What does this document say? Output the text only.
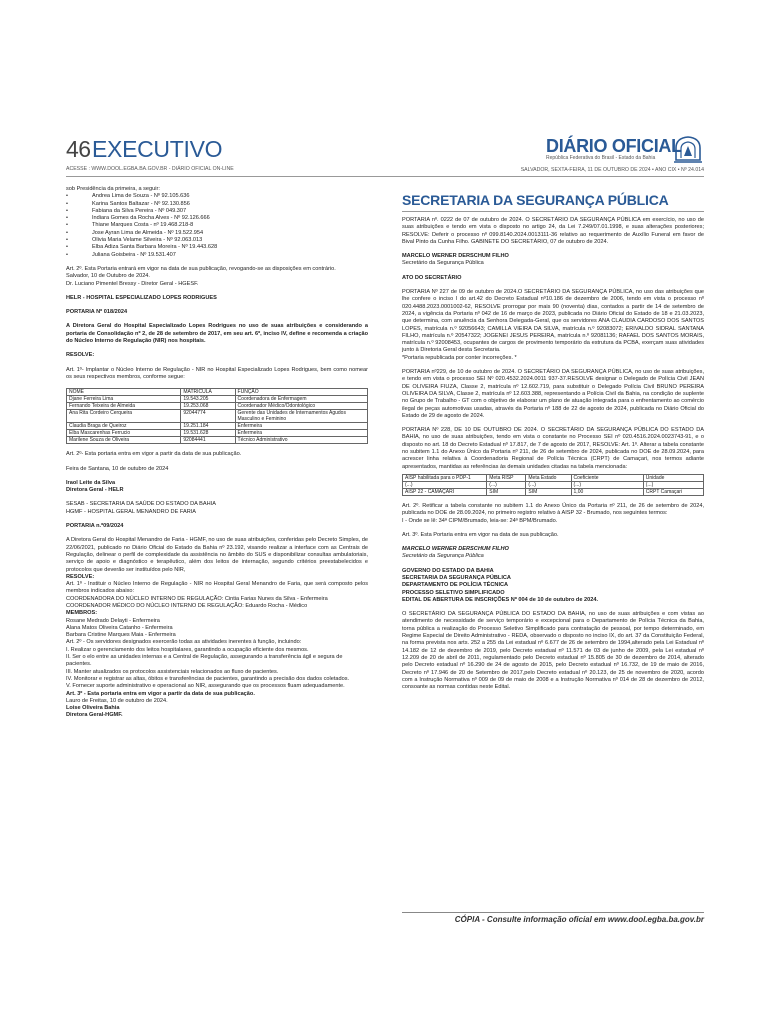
46 EXECUTIVO
ACESSE : WWW.DOOL.EGBA.BA.GOV.BR - DIÁRIO OFICIAL ON-LINE
DIÁRIO OFICIAL
República Federativa do Brasil - Estado da Bahia
SALVADOR, SEXTA-FEIRA, 11 DE OUTUBRO DE 2024 • ANO CIX • Nº 24.014

sob Presidência da primeira, a seguir:

• Andrea Lima de Souza - Nº 92.105.636
• Karina Santos Baltazar - Nº 92.130.856
• Fabiana da Silva Pereira - Nº 049.307
• Indiara Gomes da Rocha Alves - Nº 92.126.666
• Thiane Marques Costa - nº 19.468.218-8
• Jose Ayran Lima de Almeida - Nº 19.522.954
• Olivia Maria Velame Silveira - Nº 92.063.013
• Elba Adiza Santa Barbara Moreira - Nº 19.443.628
• Juliana Goisbeira - Nº 19.531.407

Art. 2º. Esta Portaria entrará em vigor na data de sua publicação, revogando-se as disposições em contrário.

Salvador, 10 de Outubro de 2024.

Dr. Luciano Pimentel Bressy - Diretor Geral - HGESF.

HELR - HOSPITAL ESPECIALIZADO LOPES RODRIGUES

PORTARIA Nº 018/2024

A Diretora Geral do Hospital Especializado Lopes Rodrigues no uso de suas atribuições e considerando a portaria de Consolidação nº 2, de 28 de setembro de 2017, em seu art. 6º, inciso IV, define e recomenda a criação do Núcleo Interno de Regulação (NIR) nos hospitais.

RESOLVE:

Art. 1º- Implantar o Núcleo Interno de Regulação - NIR no Hospital Especializado Lopes Rodrigues, bem como nomear os seus respectivos membros, conforme segue:

NOME	MATRICULA	FUNÇÃO
Djane Ferreira Lima	19.543.205	Coordenadora de Enfermagem
Fernando Teixeira de Almeida	19.253.068	Coordenador Médico/Odontológico
Ana Rita Cordeiro Cerqueira	92044774	Gerente das Unidades de Internamentos Agudos Masculino e Feminino
Claudia Braga de Queiroz	19.251.184	Enfermeira
Elba Mascarenhas Ferrucio	19.531.628	Enfermeira
Marilene Souza de Oliveira	92084441	Técnico Administrativo

Art. 2º- Esta portaria entra em vigor a partir da data de sua publicação.

Feira de Santana, 10 de outubro de 2024

Iraol Leite da Silva

Diretora Geral - HELR

SESAB - SECRETARIA DA SAÚDE DO ESTADO DA BAHIA

HGMF - HOSPITAL GERAL MENANDRO DE FARIA

PORTARIA n.º09/2024

A Diretora Geral do Hospital Menandro de Faria - HGMF, no uso de suas atribuições, conferidas pelo Decreto Simples, de 22/06/2021, publicado no Diário Oficial do Estado da Bahia nº 23.192, visando realizar a interface com as Centrais de Regulação, delinear o perfil de complexidade da assistência no âmbito do SUS e disponibilizar consultas ambulatoriais, serviço de apoio e diagnóstico e terapêutico, além dos leitos de internação, segundo critérios preestabelecidos e protocolos que deverão ser instituídos pelo NIR,

RESOLVE:

Art. 1º - Instituir o Núcleo Interno de Regulação - NIR no Hospital Geral Menandro de Faria, que será composto pelos membros indicados abaixo:

COORDENADORA DO NÚCLEO INTERNO DE REGULAÇÃO: Cintia Farias Nunes da Silva - Enfermeira

COORDENADOR MÉDICO DO NÚCLEO INTERNO DE REGULAÇÃO: Eduardo Rocha - Médico

MEMBROS:

Rosane Medrado Delayti - Enfermeira

Alana Matos Oliveira Catanho - Enfermeira

Barbara Cristine Marques Maia - Enfermeira

Art. 2º - Os servidores designados exercerão todas as atividades inerentes à função, incluindo:

I. Realizar o gerenciamento dos leitos hospitalares, garantindo a ocupação eficiente dos mesmos.

II. Ser o elo entre as unidades internas e a Central de Regulação, assegurando a transferência ágil e segura de pacientes.

III. Manter atualizados os protocolos assistenciais relacionados ao fluxo de pacientes.

IV. Monitorar e registrar as altas, óbitos e transferências de pacientes, garantindo a precisão dos dados coletados.

V. Fornecer suporte administrativo e operacional ao NIR, assegurando que os processos fluam adequadamente.

Art. 3º - Esta portaria entra em vigor a partir da data de sua publicação.

Lauro de Freitas, 10 de outubro de 2024.

Loise Oliveira Bahia

Diretora Geral-HGMF.

SECRETARIA DA SEGURANÇA PÚBLICA

PORTARIA nº. 0222 de 07 de outubro de 2024. O SECRETÁRIO DA SEGURANÇA PÚBLICA em exercício, no uso de suas atribuições e tendo em vista o disposto no artigo 24, da Lei 7.249/07.01.1998, e suas alterações posteriores; RESOLVE: Deferir o processo nº 099.8140.2024.0013111-36 relativo ao requerimento de Auxílio Funeral em favor de Bival Pinto da Cunha Filho. GABINETE DO SECRETÁRIO, 07 de outubro de 2024.

MARCELO WERNER DERSCHUM FILHO

Secretário da Segurança Pública

ATO DO SECRETÁRIO

PORTARIA Nº 227 de 09 de outubro de 2024.O SECRETÁRIO DA SEGURANÇA PÚBLICA, no uso das atribuições que lhe confere o inciso I do art.42 do Decreto Estadual nº10.186 de dezembro de 2006, tendo em vista o processo nº 020.4488.2023.0001002-62, RESOLVE prorrogar por mais 90 (noventa) dias, contados a partir de 14 de setembro de 2024, a vigência da Portaria nº 042 de 16 de março de 2023, publicada no Diário Oficial do Estado de 18 e 21.03.2023, que determina, com anuência da Senhora Delegada-Geral, que os servidores ANA CLAUDIA CARDOSO DOS SANTOS LOPES, matrícula n.º 92056643; CAMILLA VIEIRA DA SILVA, matrícula n.º 92083072; ERIVALDO SIDRAL SANTANA FILHO, matrícula n.º 20547322; JOGENEI JESUS PEREIRA, matrícula n.º 92081136; RAFAEL DOS SANTOS MORAIS, matrícula n.º 92008453, ocupantes de cargos de provimento temporário da estrutura da PCBA, exerçam suas atividades junto à Diretoria Geral desta Secretaria.

*Portaria republicada por conter incorreções. *

PORTARIA nº229, de 10 de outubro de 2024. O SECRETÁRIO DA SEGURANÇA PÚBLICA, no uso de suas atribuições, e tendo em vista o processo SEI Nº 020.4532.2024.0011 937-37.RESOLVE designar o Delegado de Polícia Civil JEAN DE OLIVEIRA FIUZA, Classe 2, matrícula nº 12.602.719, para substituir o Delegado Polícia Civil BRUNO PEREIRA OLIVEIRA DA SILVA, Classe 2, matrícula nº 12.603.388, representando a Polícia Civil da Bahia, na condição de suplente no Grupo de Trabalho - GT com o objetivo de elaborar um plano de atuação integrada para o enfrentamento ao comércio ilegal de peças automotivas usadas, através da Portaria nº 188 de 22 de agosto de 2024, publicada no Diário Oficial do Estado de 29 de agosto de 2024.

PORTARIA Nº 228, DE 10 DE OUTUBRO DE 2024. O SECRETÁRIO DA SEGURANÇA PÚBLICA DO ESTADO DA BAHIA, no uso de suas atribuições, tendo em vista o constante no Processo SEI nº 020.4516.2024.0023743-91, e o disposto no art. 18 do Decreto Estadual nº 17.817, de 7 de agosto de 2017, RESOLVE: Art. 1º. Alterar a tabela constante no subitem 1.1 do Anexo Único da Portaria nº 211, de 26 de setembro de 2024, publicada no DOE de 28.09.2024, para acrescer linha relativa à Coordenadoria Regional de Polícia Técnica (CRPT) de Camaçari, nos termos adiante apresentados, mantidas as referências às demais unidades citadas na tabela mencionada:

AISP habilitada para o PDP-1	Meta RISP	Meta Estado	Coeficiente	Unidade
(...)	(...)	(...)	(...)	(...)
AISP 22 - CAMAÇARI	SIM	SIM	1,00	CRPT Camaçari

Art. 2º. Retificar a tabela constante no subitem 1.1 do Anexo Único da Portaria nº 211, de 26 de setembro de 2024, publicada no DOE de 28.09.2024, no primeiro registro relativo à AISP 32 - Brumado, nos seguintes termos:

I - Onde se lê: 34ª CIPM/Brumado, leia-se: 24ª BPM/Brumado.

Art. 3º. Esta Portaria entra em vigor na data de sua publicação.

MARCELO WERNER DERSCHUM FILHO

Secretário da Segurança Pública

GOVERNO DO ESTADO DA BAHIA

SECRETARIA DA SEGURANÇA PÚBLICA

DEPARTAMENTO DE POLÍCIA TÉCNICA

PROCESSO SELETIVO SIMPLIFICADO

EDITAL DE ABERTURA DE INSCRIÇÕES Nº 004 de 10 de outubro de 2024.

O SECRETÁRIO DA SEGURANÇA PÚBLICA DO ESTADO DA BAHIA, no uso de suas atribuições e com vistas ao atendimento de necessidade de serviço temporário e excepcional para o Departamento de Polícia Técnica da Bahia, torna pública a realização do Processo Seletivo Simplificado para contratação de pessoal, por tempo determinado, em Regime Especial de Direito Administrativo - REDA, observado o disposto no inciso IX, do art. 37 da Constituição Federal, na forma prevista nos arts. 252 a 255 da Lei estadual nº 6.677 de 26 de setembro de 1994,alterado pela Lei Estadual nº 14.182 de 12 de dezembro de 2019, pelo Decreto estadual nº 11.571 de 03 de junho de 2009, pela Lei estadual nº 12.209 de 20 de abril de 2011, regulamentado pelo Decreto estadual nº 15.805 de 30 de dezembro de 2014, alterado pelo Decreto estadual nº 16.290 de 24 de agosto de 2015, pelo Decreto estadual nº 16.732, de 19 de maio de 2016, Decreto nº 17.946 de 20 de Setembro de 2017,pelo Decreto estadual nº 20.123, de 25 de novembro de 2020, acordo com a Instrução Normativa nº 009 de 09 de maio de 2008 e a Instrução Normativa nº 014 de 28 de dezembro de 2012, consoante as normas contidas neste Edital.

CÓPIA - Consulte informação oficial em www.dool.egba.ba.gov.br
